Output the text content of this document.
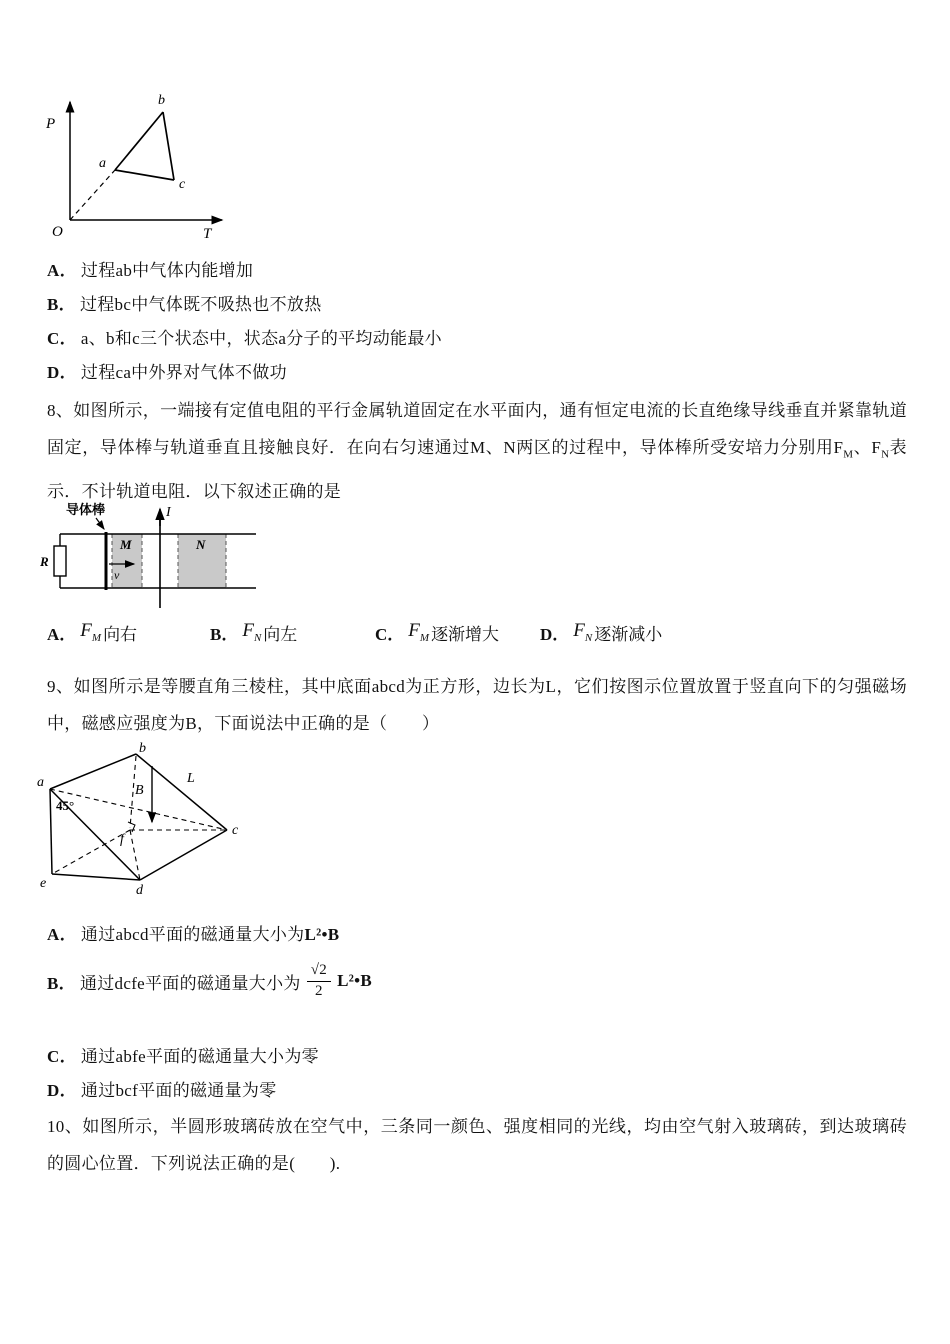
P
T
O
a
b
c
A． 过程ab中气体内能增加
B． 过程bc中气体既不吸热也不放热
C． a、b和c三个状态中，状态a分子的平均动能最小
D． 过程ca中外界对气体不做功
8、如图所示，一端接有定值电阻的平行金属轨道固定在水平面内，通有恒定电流的长直绝缘导线垂直并紧靠轨道固定，导体棒与轨道垂直且接触良好．在向右匀速通过M、N两区的过程中，导体棒所受安培力分别用$F_M$、$F_N$表示．不计轨道电阻．以下叙述正确的是
R
导体棒	I
M	N
v
A． $F_M$ 向右	B． $F_N$ 向左	C． $F_M$ 逐渐增大 D． $F_N$ 逐渐减小
9、如图所示是等腰直角三棱柱，其中底面abcd为正方形，边长为L，它们按图示位置放置于竖直向下的匀强磁场中，磁感应强度为B，下面说法中正确的是（　　）
a
b
c
d
e
f
B
L
45°
A． 通过abcd平面的磁通量大小为L²•B
B． 通过dcfe平面的磁通量大小为 $\frac{√2}{2}$ L²•B
C． 通过abfe平面的磁通量大小为零
D． 通过bcf平面的磁通量为零
10、如图所示，半圆形玻璃砖放在空气中，三条同一颜色、强度相同的光线，均由空气射入玻璃砖，到达玻璃砖的圆心位置．下列说法正确的是(　　).
